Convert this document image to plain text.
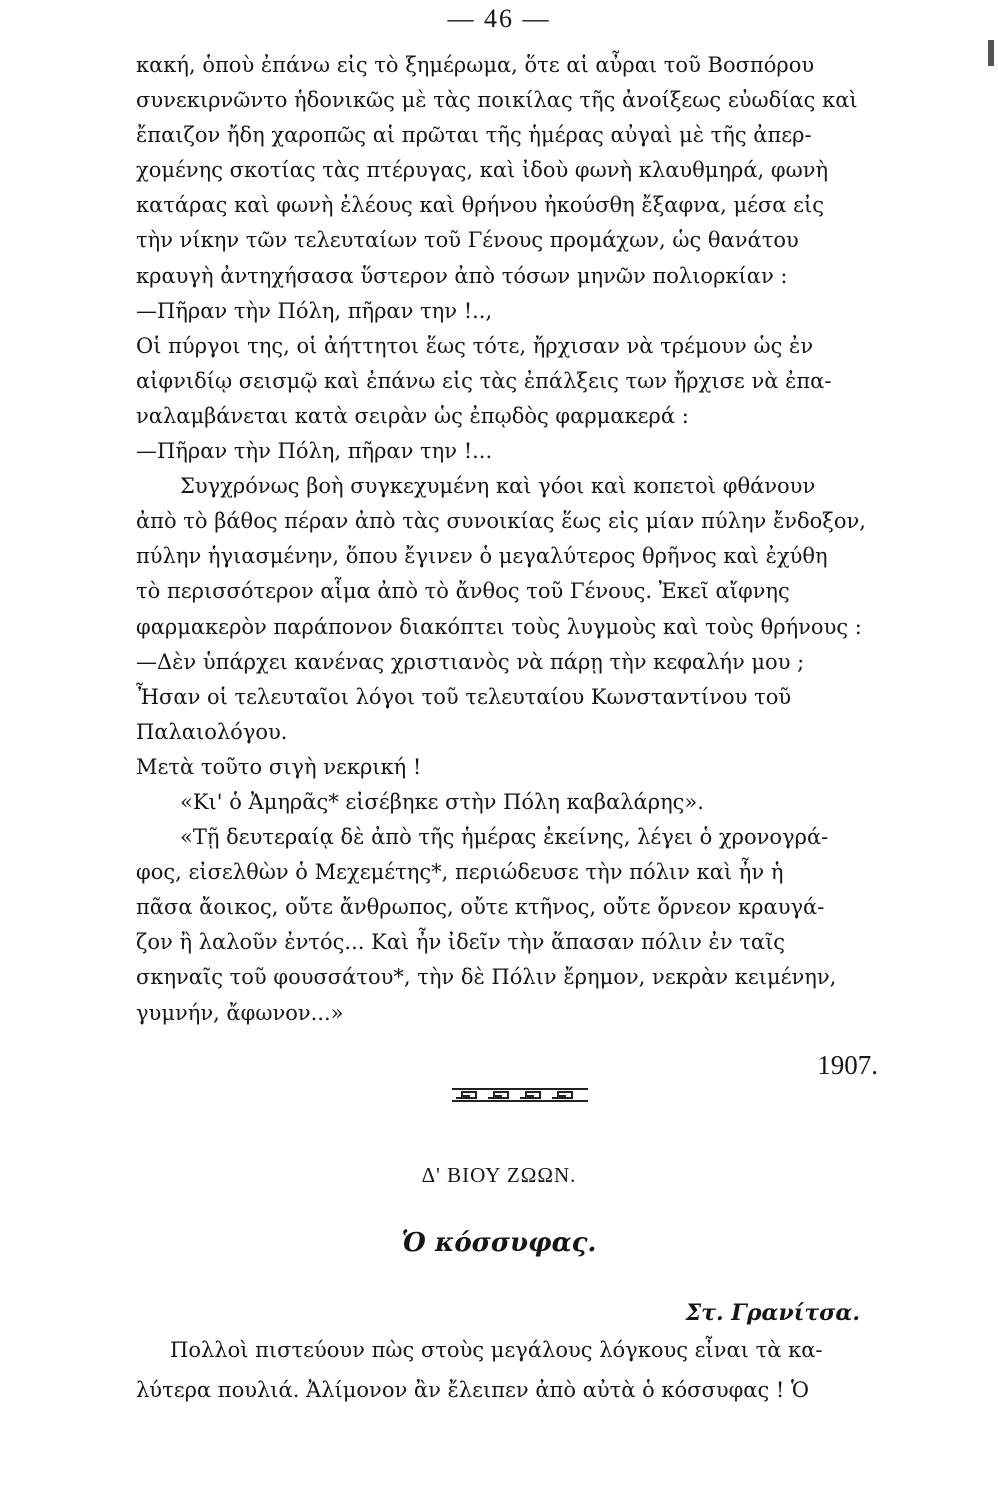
— 46 —
κακή, ὁποὺ ἐπάνω εἰς τὸ ξημέρωμα, ὅτε αἱ αὖραι τοῦ Βοσπόρου
συνεκιρνῶντο ἡδονικῶς μὲ τὰς ποικίλας τῆς ἀνοίξεως εὐωδίας καὶ
ἔπαιζον ἤδη χαροπῶς αἱ πρῶται τῆς ἡμέρας αὐγαὶ μὲ τῆς ἀπερ-
χομένης σκοτίας τὰς πτέρυγας, καὶ ἰδοὺ φωνὴ κλαυθμηρά, φωνὴ
κατάρας καὶ φωνὴ ἐλέους καὶ θρήνου ἠκούσθη ἔξαφνα, μέσα εἰς
τὴν νίκην τῶν τελευταίων τοῦ Γένους προμάχων, ὡς θανάτου
κραυγὴ ἀντηχήσασα ὕστερον ἀπὸ τόσων μηνῶν πολιορκίαν :
—Πῆραν τὴν Πόλη, πῆραν την !..,
Οἱ πύργοι της, οἱ ἀήττητοι ἕως τότε, ἤρχισαν νὰ τρέμουν ὡς ἐν
αἰφνιδίῳ σεισμῷ καὶ ἐπάνω εἰς τὰς ἐπάλξεις των ἤρχισε νὰ ἐπα-
ναλαμβάνεται κατὰ σειρὰν ὡς ἐπῳδὸς φαρμακερά :
—Πῆραν τὴν Πόλη, πῆραν την !...
Συγχρόνως βοὴ συγκεχυμένη καὶ γόοι καὶ κοπετοὶ φθάνουν
ἀπὸ τὸ βάθος πέραν ἀπὸ τὰς συνοικίας ἕως εἰς μίαν πύλην ἔνδοξον,
πύλην ἡγιασμένην, ὅπου ἔγινεν ὁ μεγαλύτερος θρῆνος καὶ ἐχύθη
τὸ περισσότερον αἷμα ἀπὸ τὸ ἄνθος τοῦ Γένους. Ἐκεῖ αἴφνης
φαρμακερὸν παράπονον διακόπτει τοὺς λυγμοὺς καὶ τοὺς θρήνους :
—Δὲν ὑπάρχει κανένας χριστιανὸς νὰ πάρῃ τὴν κεφαλήν μου ;
Ἦσαν οἱ τελευταῖοι λόγοι τοῦ τελευταίου Κωνσταντίνου τοῦ
Παλαιολόγου.
Μετὰ τοῦτο σιγὴ νεκρική !
«Κι' ὁ Ἀμηρᾶς* εἰσέβηκε στὴν Πόλη καβαλάρης».
«Τῇ δευτεραίᾳ δὲ ἀπὸ τῆς ἡμέρας ἐκείνης, λέγει ὁ χρονογρά-
φος, εἰσελθὼν ὁ Μεχεμέτης*, περιώδευσε τὴν πόλιν καὶ ἦν ἡ
πᾶσα ἄοικος, οὔτε ἄνθρωπος, οὔτε κτῆνος, οὔτε ὄρνεον κραυγά-
ζον ἢ λαλοῦν ἐντός... Καὶ ἦν ἰδεῖν τὴν ἅπασαν πόλιν ἐν ταῖς
σκηναῖς τοῦ φουσσάτου*, τὴν δὲ Πόλιν ἔρημον, νεκρὰν κειμένην,
γυμνήν, ἄφωνον...»
1907.
Δ' ΒΙΟΥ ΖΩΩΝ.
Ὁ κόσσυφας.
Στ. Γρανίτσα.
Πολλοὶ πιστεύουν πὼς στοὺς μεγάλους λόγκους εἶναι τὰ κα-
λύτερα πουλιά. Ἀλίμονον ἂν ἔλειπεν ἀπὸ αὐτὰ ὁ κόσσυφας ! Ὁ
